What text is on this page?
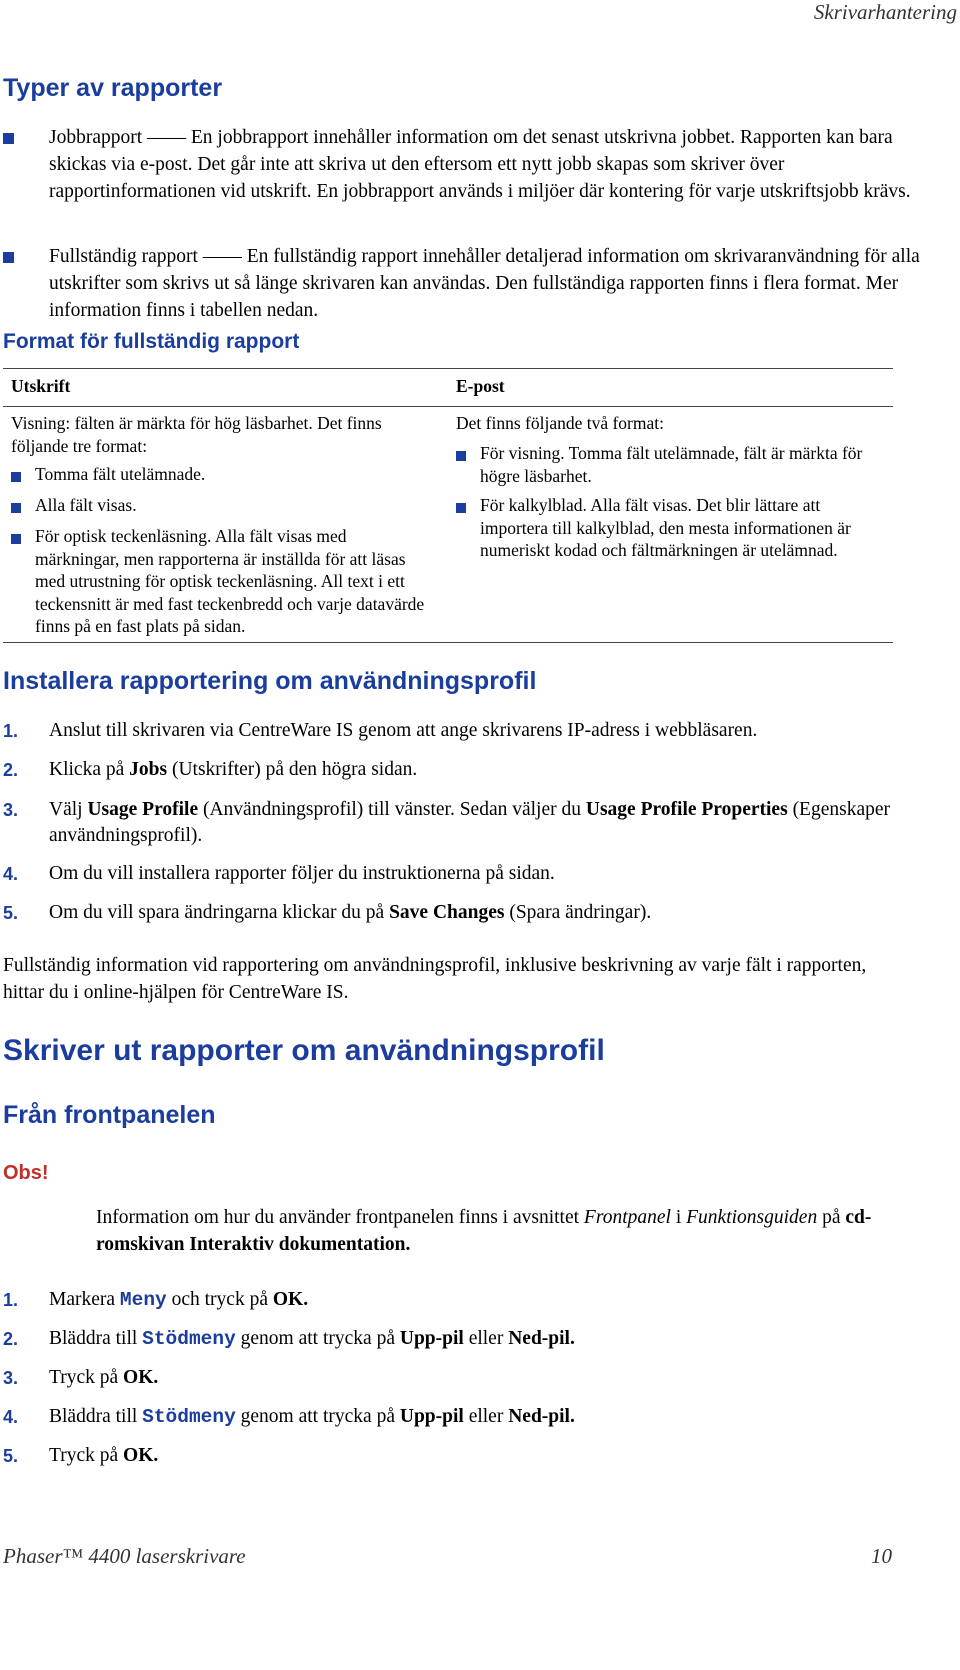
Skrivarhantering
Typer av rapporter
Jobbrapport —— En jobbrapport innehåller information om det senast utskrivna jobbet. Rapporten kan bara skickas via e-post. Det går inte att skriva ut den eftersom ett nytt jobb skapas som skriver över rapportinformationen vid utskrift. En jobbrapport används i miljöer där kontering för varje utskriftsjobb krävs.
Fullständig rapport —— En fullständig rapport innehåller detaljerad information om skrivaranvändning för alla utskrifter som skrivs ut så länge skrivaren kan användas. Den fullständiga rapporten finns i flera format. Mer information finns i tabellen nedan.
Format för fullständig rapport
Utskrift	E-post
Visning: fälten är märkta för hög läsbarhet. Det finns följande tre format:
Tomma fält utelämnade.
Alla fält visas.
För optisk teckenläsning. Alla fält visas med märkningar, men rapporterna är inställda för att läsas med utrustning för optisk teckenläsning. All text i ett teckensnitt är med fast teckenbredd och varje datavärde finns på en fast plats på sidan.
Det finns följande två format:
För visning. Tomma fält utelämnade, fält är märkta för högre läsbarhet.
För kalkylblad. Alla fält visas. Det blir lättare att importera till kalkylblad, den mesta informationen är numeriskt kodad och fältmärkningen är utelämnad.
Installera rapportering om användningsprofil
1. Anslut till skrivaren via CentreWare IS genom att ange skrivarens IP-adress i webbläsaren.
2. Klicka på Jobs (Utskrifter) på den högra sidan.
3. Välj Usage Profile (Användningsprofil) till vänster. Sedan väljer du Usage Profile Properties (Egenskaper användningsprofil).
4. Om du vill installera rapporter följer du instruktionerna på sidan.
5. Om du vill spara ändringarna klickar du på Save Changes (Spara ändringar).
Fullständig information vid rapportering om användningsprofil, inklusive beskrivning av varje fält i rapporten, hittar du i online-hjälpen för CentreWare IS.
Skriver ut rapporter om användningsprofil
Från frontpanelen
Obs!
Information om hur du använder frontpanelen finns i avsnittet Frontpanel i Funktionsguiden på cd-romskivan Interaktiv dokumentation.
1. Markera Meny och tryck på OK.
2. Bläddra till Stödmeny genom att trycka på Upp-pil eller Ned-pil.
3. Tryck på OK.
4. Bläddra till Stödmeny genom att trycka på Upp-pil eller Ned-pil.
5. Tryck på OK.
Phaser™ 4400 laserskrivare	10
